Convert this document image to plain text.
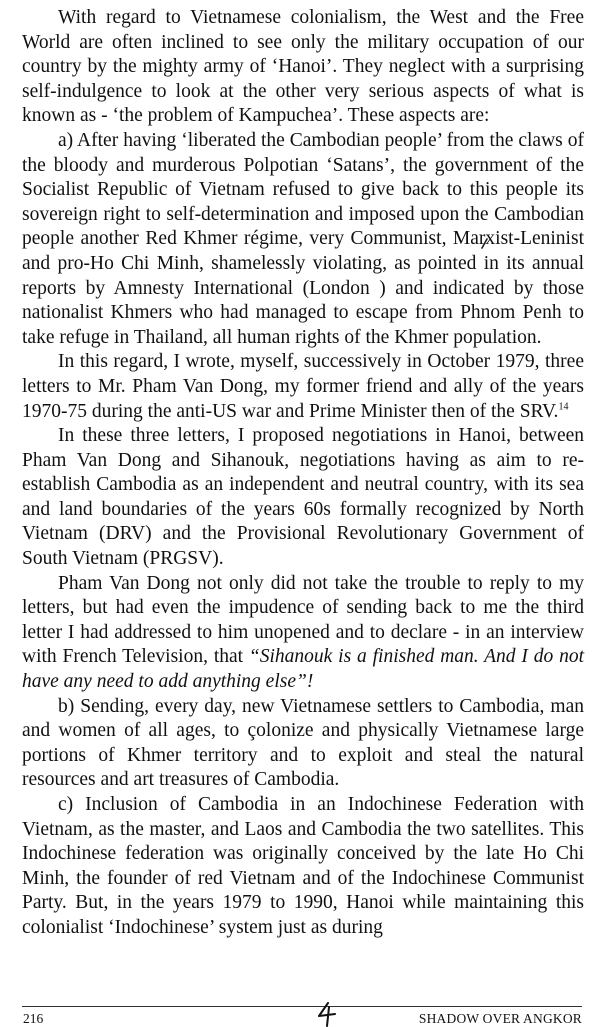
With regard to Vietnamese colonialism, the West and the Free World are often inclined to see only the military occupation of our country by the mighty army of ‘Hanoi’. They neglect with a surprising self-indulgence to look at the other very serious aspects of what is known as - ‘the problem of Kampuchea’. These aspects are:

a) After having ‘liberated the Cambodian people’ from the claws of the bloody and murderous Polpotian ‘Satans’, the government of the Socialist Republic of Vietnam refused to give back to this people its sovereign right to self-determination and imposed upon the Cambodian people another Red Khmer régime, very Communist, Marxist-Leninist and pro-Ho Chi Minh, shamelessly violating, as pointed in its annual reports by Amnesty International (London ) and indicated by those nationalist Khmers who had managed to escape from Phnom Penh to take refuge in Thailand, all human rights of the Khmer population.

In this regard, I wrote, myself, successively in October 1979, three letters to Mr. Pham Van Dong, my former friend and ally of the years 1970-75 during the anti-US war and Prime Minister then of the SRV.$^{14}$

In these three letters, I proposed negotiations in Hanoi, between Pham Van Dong and Sihanouk, negotiations having as aim to re-establish Cambodia as an independent and neutral country, with its sea and land boundaries of the years 60s formally recognized by North Vietnam (DRV) and the Provisional Revolutionary Government of South Vietnam (PRGSV).

Pham Van Dong not only did not take the trouble to reply to my letters, but had even the impudence of sending back to me the third letter I had addressed to him unopened and to declare - in an interview with French Television, that “Sihanouk is a finished man. And I do not have any need to add anything else”!

b) Sending, every day, new Vietnamese settlers to Cambodia, man and women of all ages, to çolonize and physically Vietnamese large portions of Khmer territory and to exploit and steal the natural resources and art treasures of Cambodia.

c) Inclusion of Cambodia in an Indochinese Federation with Vietnam, as the master, and Laos and Cambodia the two satellites. This Indochinese federation was originally conceived by the late Ho Chi Minh, the founder of red Vietnam and of the Indochinese Communist Party. But, in the years 1979 to 1990, Hanoi while maintaining this colonialist ‘Indochinese’ system just as during

216	SHADOW OVER ANGKOR
